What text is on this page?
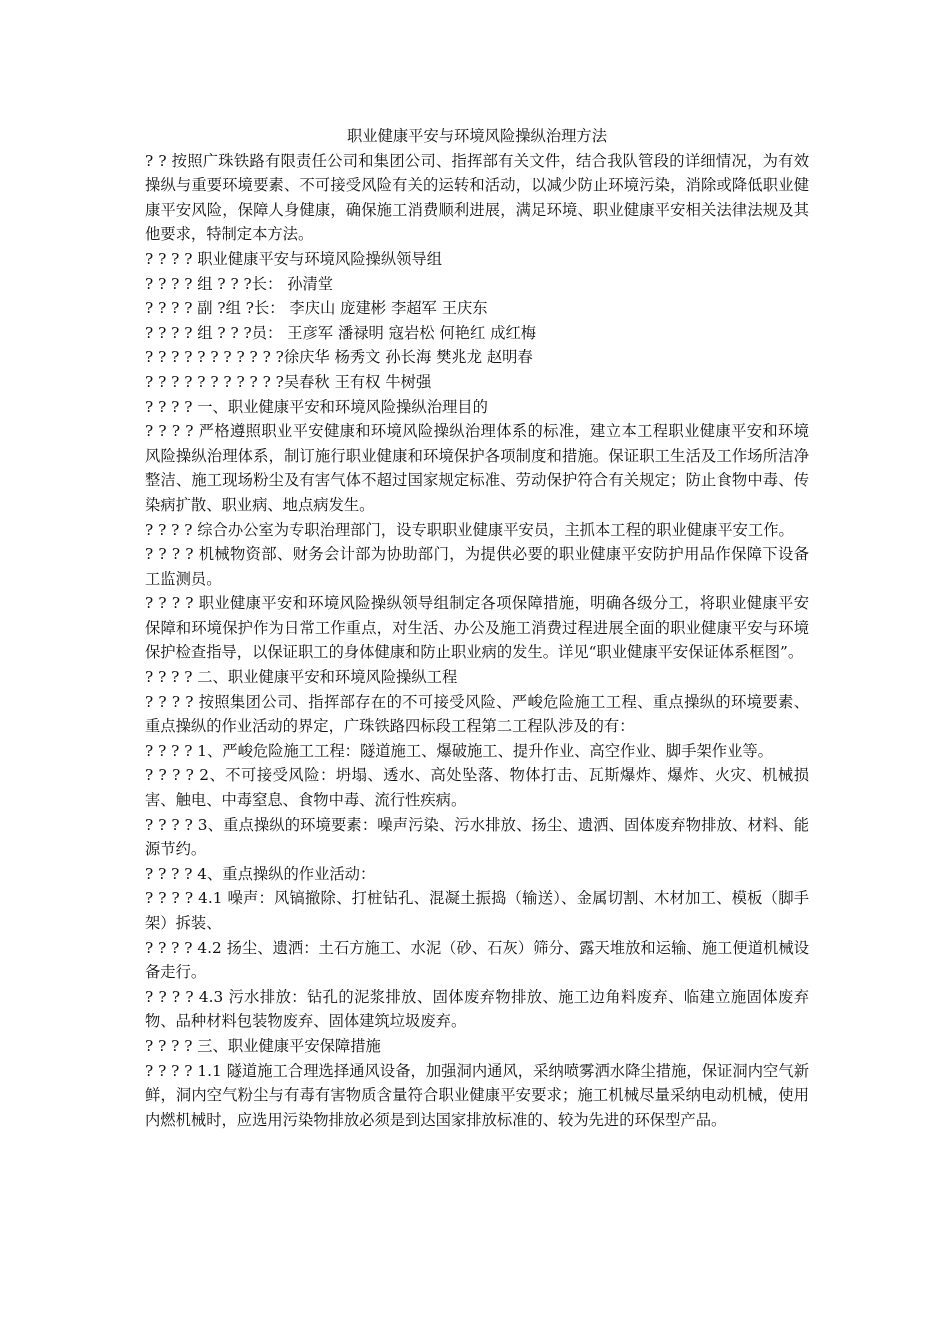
职业健康平安与环境风险操纵治理方法

? ? 按照广珠铁路有限责任公司和集团公司、指挥部有关文件，结合我队管段的详细情况，为有效操纵与重要环境要素、不可接受风险有关的运转和活动，以减少防止环境污染，消除或降低职业健康平安风险，保障人身健康，确保施工消费顺利进展，满足环境、职业健康平安相关法律法规及其他要求，特制定本方法。

? ? ? ? 职业健康平安与环境风险操纵领导组

? ? ? ? 组 ? ? ?长： 孙清堂

? ? ? ? 副 ?组 ?长： 李庆山 庞建彬 李超军 王庆东

? ? ? ? 组 ? ? ?员： 王彦军 潘禄明 寇岩松 何艳红 成红梅

? ? ? ? ? ? ? ? ? ? ?徐庆华 杨秀文 孙长海 樊兆龙 赵明春

? ? ? ? ? ? ? ? ? ? ?吴春秋 王有权 牛树强

? ? ? ? 一、职业健康平安和环境风险操纵治理目的

? ? ? ? 严格遵照职业平安健康和环境风险操纵治理体系的标准，建立本工程职业健康平安和环境风险操纵治理体系，制订施行职业健康和环境保护各项制度和措施。保证职工生活及工作场所洁净整洁、施工现场粉尘及有害气体不超过国家规定标准、劳动保护符合有关规定；防止食物中毒、传染病扩散、职业病、地点病发生。

? ? ? ? 综合办公室为专职治理部门，设专职职业健康平安员，主抓本工程的职业健康平安工作。

? ? ? ? 机械物资部、财务会计部为协助部门，为提供必要的职业健康平安防护用品作保障下设备工监测员。

? ? ? ? 职业健康平安和环境风险操纵领导组制定各项保障措施，明确各级分工，将职业健康平安保障和环境保护作为日常工作重点，对生活、办公及施工消费过程进展全面的职业健康平安与环境保护检查指导，以保证职工的身体健康和防止职业病的发生。详见“职业健康平安保证体系框图”。

? ? ? ? 二、职业健康平安和环境风险操纵工程

? ? ? ? 按照集团公司、指挥部存在的不可接受风险、严峻危险施工工程、重点操纵的环境要素、重点操纵的作业活动的界定，广珠铁路四标段工程第二工程队涉及的有：

? ? ? ? 1、严峻危险施工工程：隧道施工、爆破施工、提升作业、高空作业、脚手架作业等。

? ? ? ? 2、不可接受风险：坍塌、透水、高处坠落、物体打击、瓦斯爆炸、爆炸、火灾、机械损害、触电、中毒窒息、食物中毒、流行性疾病。

? ? ? ? 3、重点操纵的环境要素：噪声污染、污水排放、扬尘、遗洒、固体废弃物排放、材料、能源节约。

? ? ? ? 4、重点操纵的作业活动：

? ? ? ? 4.1 噪声：风镐撤除、打桩钻孔、混凝土振捣（输送）、金属切割、木材加工、模板（脚手架）拆装、

? ? ? ? 4.2 扬尘、遗洒：土石方施工、水泥（砂、石灰）筛分、露天堆放和运输、施工便道机械设备走行。

? ? ? ? 4.3 污水排放：钻孔的泥浆排放、固体废弃物排放、施工边角料废弃、临建立施固体废弃物、品种材料包装物废弃、固体建筑垃圾废弃。

? ? ? ? 三、职业健康平安保障措施

? ? ? ? 1.1 隧道施工合理选择通风设备，加强洞内通风，采纳喷雾洒水降尘措施，保证洞内空气新鲜，洞内空气粉尘与有毒有害物质含量符合职业健康平安要求；施工机械尽量采纳电动机械，使用内燃机械时，应选用污染物排放必须是到达国家排放标准的、较为先进的环保型产品。
